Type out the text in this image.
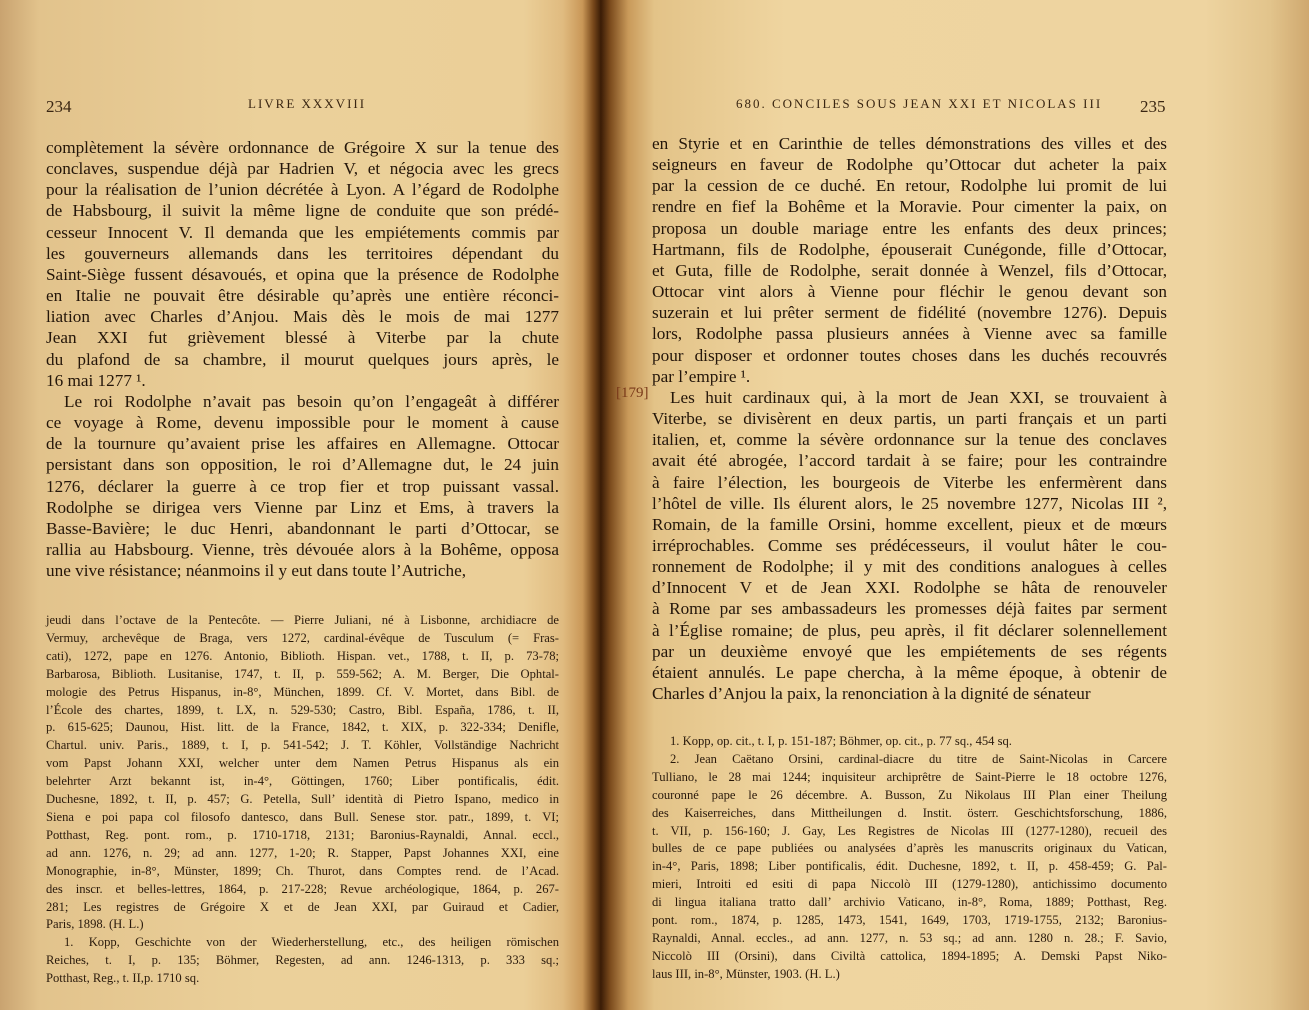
234	LIVRE XXXVIII
complètement la sévère ordonnance de Grégoire X sur la tenue des
conclaves, suspendue déjà par Hadrien V, et négocia avec les grecs
pour la réalisation de l’union décrétée à Lyon. A l’égard de Rodolphe
de Habsbourg, il suivit la même ligne de conduite que son prédé-
cesseur Innocent V. Il demanda que les empiétements commis par
les gouverneurs allemands dans les territoires dépendant du
Saint-Siège fussent désavoués, et opina que la présence de Rodolphe
en Italie ne pouvait être désirable qu’après une entière réconci-
liation avec Charles d’Anjou. Mais dès le mois de mai 1277
Jean XXI fut grièvement blessé à Viterbe par la chute
du plafond de sa chambre, il mourut quelques jours après, le
16 mai 1277 ¹.
Le roi Rodolphe n’avait pas besoin qu’on l’engageât à différer
ce voyage à Rome, devenu impossible pour le moment à cause
de la tournure qu’avaient prise les affaires en Allemagne. Ottocar
persistant dans son opposition, le roi d’Allemagne dut, le 24 juin
1276, déclarer la guerre à ce trop fier et trop puissant vassal.
Rodolphe se dirigea vers Vienne par Linz et Ems, à travers la
Basse-Bavière; le duc Henri, abandonnant le parti d’Ottocar, se
rallia au Habsbourg. Vienne, très dévouée alors à la Bohême, opposa
une vive résistance; néanmoins il y eut dans toute l’Autriche,
jeudi dans l’octave de la Pentecôte. — Pierre Juliani, né à Lisbonne, archidiacre de
Vermuy, archevêque de Braga, vers 1272, cardinal-évêque de Tusculum (= Fras-
cati), 1272, pape en 1276. Antonio, Biblioth. Hispan. vet., 1788, t. II, p. 73-78;
Barbarosa, Biblioth. Lusitanise, 1747, t. II, p. 559-562; A. M. Berger, Die Ophtal-
mologie des Petrus Hispanus, in-8°, München, 1899. Cf. V. Mortet, dans Bibl. de
l’École des chartes, 1899, t. LX, n. 529-530; Castro, Bibl. España, 1786, t. II,
p. 615-625; Daunou, Hist. litt. de la France, 1842, t. XIX, p. 322-334; Denifle,
Chartul. univ. Paris., 1889, t. I, p. 541-542; J. T. Köhler, Vollständige Nachricht
vom Papst Johann XXI, welcher unter dem Namen Petrus Hispanus als ein
belehrter Arzt bekannt ist, in-4°, Göttingen, 1760; Liber pontificalis, édit.
Duchesne, 1892, t. II, p. 457; G. Petella, Sull’ identità di Pietro Ispano, medico in
Siena e poi papa col filosofo dantesco, dans Bull. Senese stor. patr., 1899, t. VI;
Potthast, Reg. pont. rom., p. 1710-1718, 2131; Baronius-Raynaldi, Annal. eccl.,
ad ann. 1276, n. 29; ad ann. 1277, 1-20; R. Stapper, Papst Johannes XXI, eine
Monographie, in-8°, Münster, 1899; Ch. Thurot, dans Comptes rend. de l’Acad.
des inscr. et belles-lettres, 1864, p. 217-228; Revue archéologique, 1864, p. 267-
281; Les registres de Grégoire X et de Jean XXI, par Guiraud et Cadier,
Paris, 1898. (H. L.)
1. Kopp, Geschichte von der Wiederherstellung, etc., des heiligen römischen
Reiches, t. I, p. 135; Böhmer, Regesten, ad ann. 1246-1313, p. 333 sq.;
Potthast, Reg., t. II,p. 1710 sq.
680. CONCILES SOUS JEAN XXI ET NICOLAS III 235
[179]
en Styrie et en Carinthie de telles démonstrations des villes et des
seigneurs en faveur de Rodolphe qu’Ottocar dut acheter la paix
par la cession de ce duché. En retour, Rodolphe lui promit de lui
rendre en fief la Bohême et la Moravie. Pour cimenter la paix, on
proposa un double mariage entre les enfants des deux princes;
Hartmann, fils de Rodolphe, épouserait Cunégonde, fille d’Ottocar,
et Guta, fille de Rodolphe, serait donnée à Wenzel, fils d’Ottocar,
Ottocar vint alors à Vienne pour fléchir le genou devant son
suzerain et lui prêter serment de fidélité (novembre 1276). Depuis
lors, Rodolphe passa plusieurs années à Vienne avec sa famille
pour disposer et ordonner toutes choses dans les duchés recouvrés
par l’empire ¹.
Les huit cardinaux qui, à la mort de Jean XXI, se trouvaient à
Viterbe, se divisèrent en deux partis, un parti français et un parti
italien, et, comme la sévère ordonnance sur la tenue des conclaves
avait été abrogée, l’accord tardait à se faire; pour les contraindre
à faire l’élection, les bourgeois de Viterbe les enfermèrent dans
l’hôtel de ville. Ils élurent alors, le 25 novembre 1277, Nicolas III ²,
Romain, de la famille Orsini, homme excellent, pieux et de mœurs
irréprochables. Comme ses prédécesseurs, il voulut hâter le cou-
ronnement de Rodolphe; il y mit des conditions analogues à celles
d’Innocent V et de Jean XXI. Rodolphe se hâta de renouveler
à Rome par ses ambassadeurs les promesses déjà faites par serment
à l’Église romaine; de plus, peu après, il fit déclarer solennellement
par un deuxième envoyé que les empiétements de ses régents
étaient annulés. Le pape chercha, à la même époque, à obtenir de
Charles d’Anjou la paix, la renonciation à la dignité de sénateur
1. Kopp, op. cit., t. I, p. 151-187; Böhmer, op. cit., p. 77 sq., 454 sq.
2. Jean Caëtano Orsini, cardinal-diacre du titre de Saint-Nicolas in Carcere
Tulliano, le 28 mai 1244; inquisiteur archiprêtre de Saint-Pierre le 18 octobre 1276,
couronné pape le 26 décembre. A. Busson, Zu Nikolaus III Plan einer Theilung
des Kaiserreiches, dans Mittheilungen d. Instit. österr. Geschichtsforschung, 1886,
t. VII, p. 156-160; J. Gay, Les Registres de Nicolas III (1277-1280), recueil des
bulles de ce pape publiées ou analysées d’après les manuscrits originaux du Vatican,
in-4°, Paris, 1898; Liber pontificalis, édit. Duchesne, 1892, t. II, p. 458-459; G. Pal-
mieri, Introiti ed esiti di papa Niccolò III (1279-1280), antichissimo documento
di lingua italiana tratto dall’ archivio Vaticano, in-8°, Roma, 1889; Potthast, Reg.
pont. rom., 1874, p. 1285, 1473, 1541, 1649, 1703, 1719-1755, 2132; Baronius-
Raynaldi, Annal. eccles., ad ann. 1277, n. 53 sq.; ad ann. 1280 n. 28.; F. Savio,
Niccolò III (Orsini), dans Civiltà cattolica, 1894-1895; A. Demski Papst Niko-
laus III, in-8°, Münster, 1903. (H. L.)
